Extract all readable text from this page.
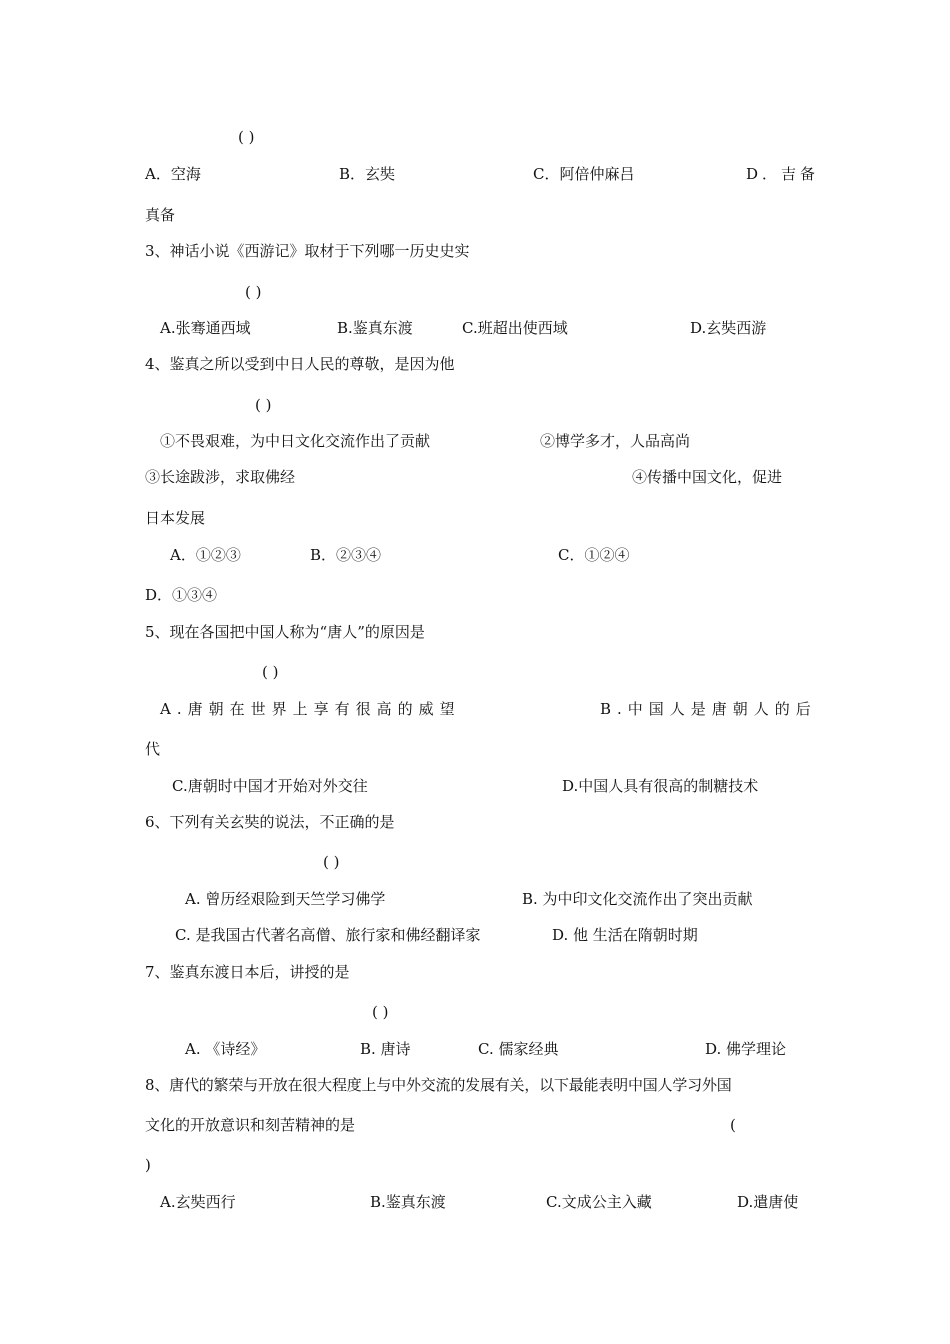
( )
A．空海	B．玄奘	C．阿倍仲麻吕	D．吉备
真备
3、神话小说《西游记》取材于下列哪一历史史实
( )
A.张骞通西域	B.鉴真东渡	C.班超出使西域	D.玄奘西游
4、鉴真之所以受到中日人民的尊敬，是因为他
( )
①不畏艰难，为中日文化交流作出了贡献	②博学多才，人品高尚
③长途跋涉，求取佛经	④传播中国文化，促进
日本发展
A．①②③	B．②③④	C．①②④
D．①③④
5、现在各国把中国人称为“唐人”的原因是
( )
A.唐朝在世界上享有很高的威望	B.中国人是唐朝人的后
代
C.唐朝时中国才开始对外交往	D.中国人具有很高的制糖技术
6、下列有关玄奘的说法，不正确的是
( )
A. 曾历经艰险到天竺学习佛学	B. 为中印文化交流作出了突出贡献
C. 是我国古代著名高僧、旅行家和佛经翻译家	D. 他 生活在隋朝时期
7、鉴真东渡日本后，讲授的是
( )
A. 《诗经》	B. 唐诗	C. 儒家经典	D. 佛学理论
8、唐代的繁荣与开放在很大程度上与中外交流的发展有关，以下最能表明中国人学习外国
文化的开放意识和刻苦精神的是	(
)
A.玄奘西行	B.鉴真东渡	C.文成公主入藏	D.遣唐使
